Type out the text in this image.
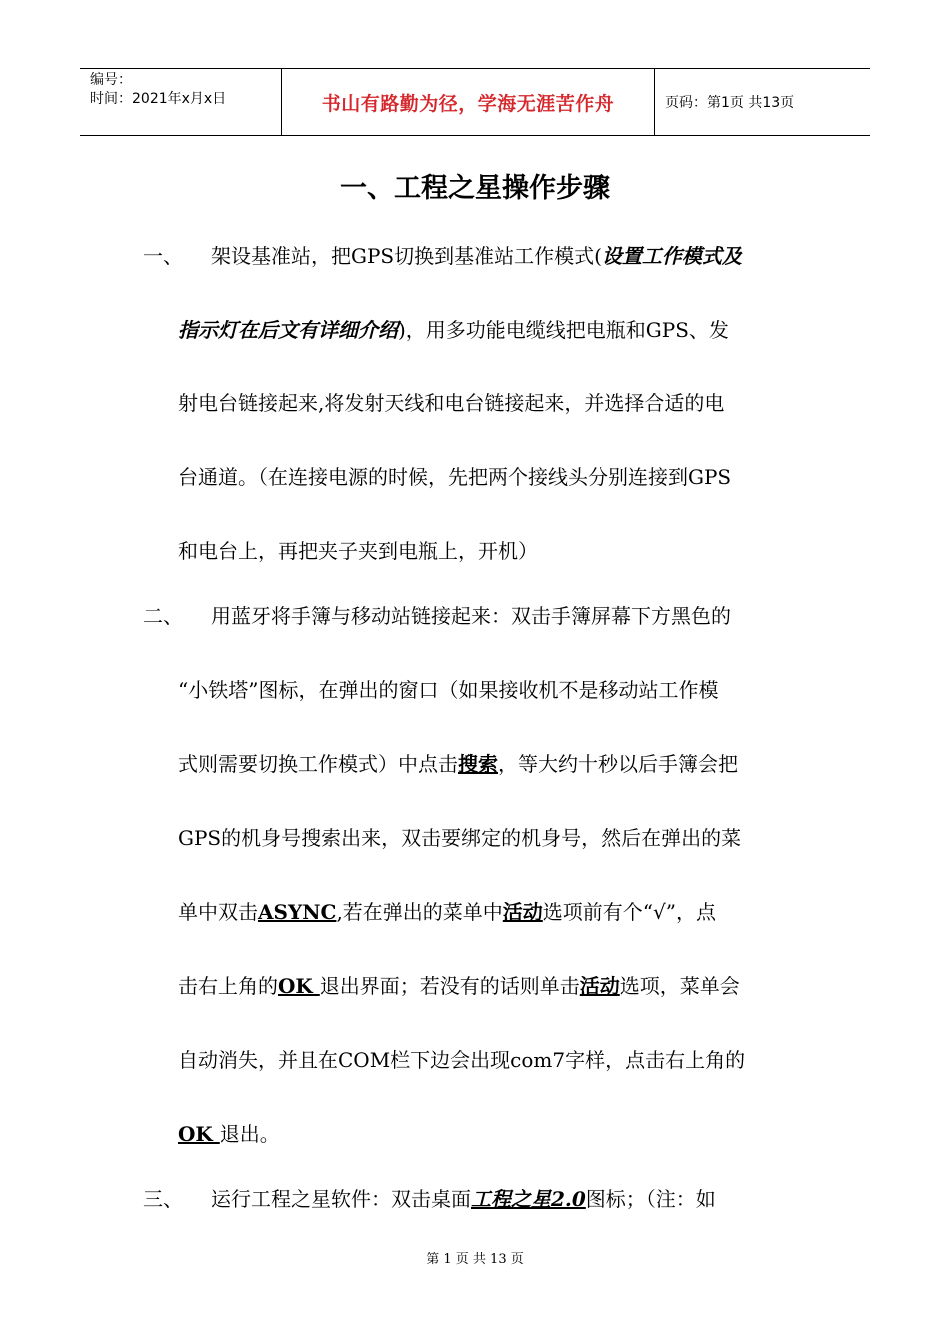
编号：
时间：2021年x月x日	书山有路勤为径，学海无涯苦作舟	页码：第1页 共13页
一、工程之星操作步骤
一、 架设基准站，把GPS切换到基准站工作模式(设置工作模式及
指示灯在后文有详细介绍)，用多功能电缆线把电瓶和GPS、发
射电台链接起来,将发射天线和电台链接起来，并选择合适的电
台通道。（在连接电源的时候，先把两个接线头分别连接到GPS
和电台上，再把夹子夹到电瓶上，开机）
二、 用蓝牙将手簿与移动站链接起来：双击手簿屏幕下方黑色的
“小铁塔”图标，在弹出的窗口（如果接收机不是移动站工作模
式则需要切换工作模式）中点击搜索，等大约十秒以后手簿会把
GPS的机身号搜索出来，双击要绑定的机身号，然后在弹出的菜
单中双击ASYNC,若在弹出的菜单中活动选项前有个“√”，点
击右上角的OK 退出界面；若没有的话则单击活动选项，菜单会
自动消失，并且在COM栏下边会出现com7字样，点击右上角的
OK 退出。
三、 运行工程之星软件：双击桌面工程之星2.0图标；（注：如
第 1 页 共 13 页
